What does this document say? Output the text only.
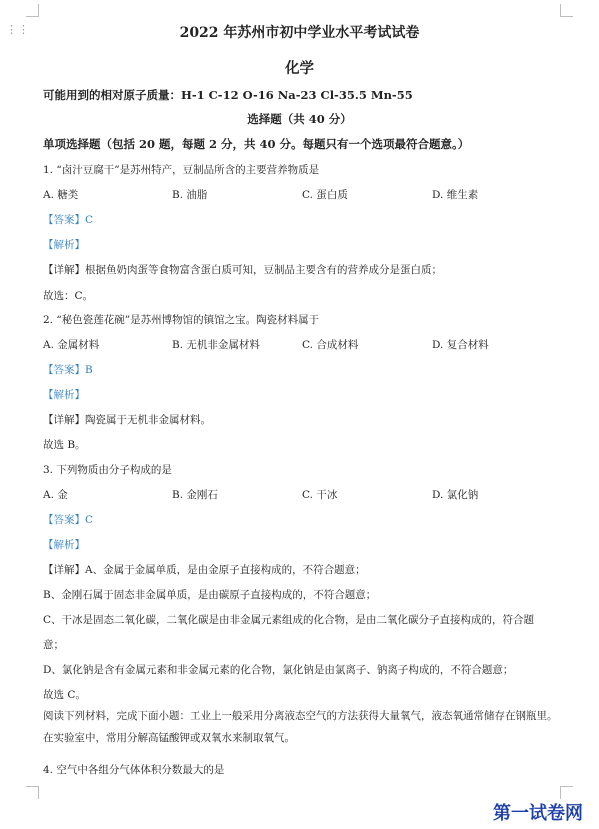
⋮⋮	2022 年苏州市初中学业水平考试试卷
化学
可能用到的相对原子质量：H-1 C-12 O-16 Na-23 Cl-35.5 Mn-55
选择题（共 40 分）
单项选择题（包括 20 题，每题 2 分，共 40 分。每题只有一个选项最符合题意。）
1. “卤汁豆腐干”是苏州特产，豆制品所含的主要营养物质是
A. 糖类	B. 油脂	C. 蛋白质	D. 维生素
【答案】C
【解析】
【详解】根据鱼奶肉蛋等食物富含蛋白质可知，豆制品主要含有的营养成分是蛋白质；
故选：C。
2. “秘色瓷莲花碗”是苏州博物馆的镇馆之宝。陶瓷材料属于
A. 金属材料	B. 无机非金属材料	C. 合成材料	D. 复合材料
【答案】B
【解析】
【详解】陶瓷属于无机非金属材料。
故选 B。
3. 下列物质由分子构成的是
A. 金	B. 金刚石	C. 干冰	D. 氯化钠
【答案】C
【解析】
【详解】A、金属于金属单质，是由金原子直接构成的，不符合题意；
B、金刚石属于固态非金属单质，是由碳原子直接构成的，不符合题意；
C、干冰是固态二氧化碳，二氧化碳是由非金属元素组成的化合物，是由二氧化碳分子直接构成的，符合题
意；
D、氯化钠是含有金属元素和非金属元素的化合物，氯化钠是由氯离子、钠离子构成的，不符合题意；
故选 C。
阅读下列材料，完成下面小题：工业上一般采用分离液态空气的方法获得大量氧气，液态氧通常储存在钢瓶里。在实验室中，常用分解高锰酸钾或双氧水来制取氧气。
4. 空气中各组分气体体积分数最大的是
第一试卷网
